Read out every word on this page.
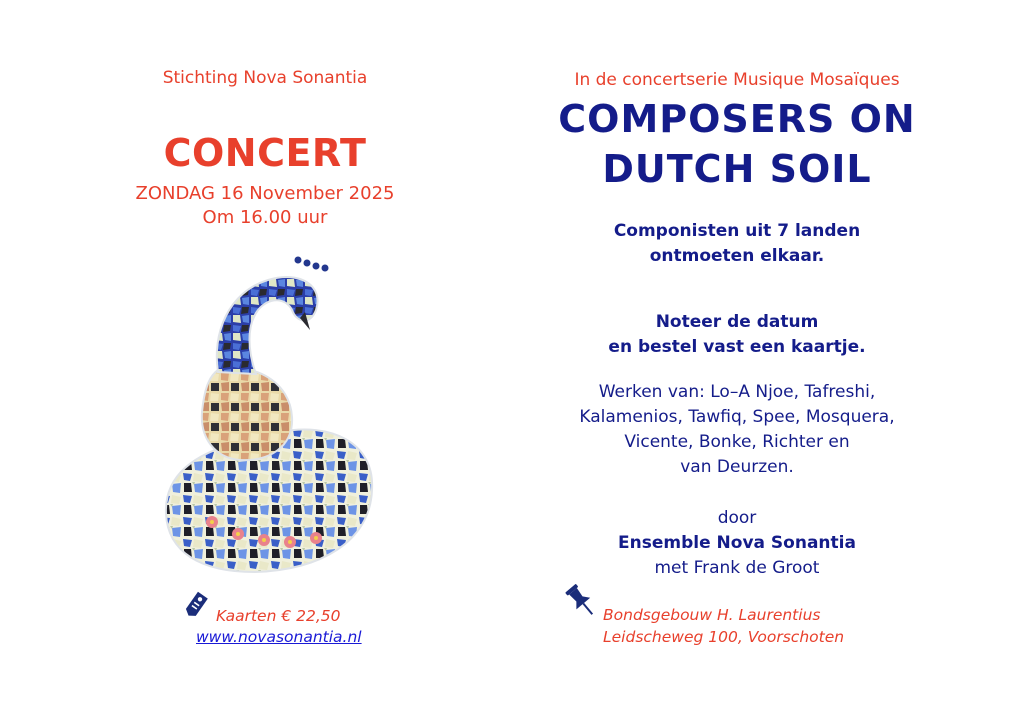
Stichting Nova Sonantia
CONCERT
ZONDAG 16 November 2025
Om 16.00 uur
Kaarten € 22,50
www.novasonantia.nl
In de concertserie Musique Mosaïques
COMPOSERS ON
DUTCH SOIL
Componisten uit 7 landen
ontmoeten elkaar.
Noteer de datum
en bestel vast een kaartje.
Werken van: Lo–A Njoe, Tafreshi,
Kalamenios, Tawfiq, Spee, Mosquera,
Vicente, Bonke, Richter en
van Deurzen.
door
Ensemble Nova Sonantia
met Frank de Groot
Bondsgebouw H. Laurentius
Leidscheweg 100, Voorschoten
